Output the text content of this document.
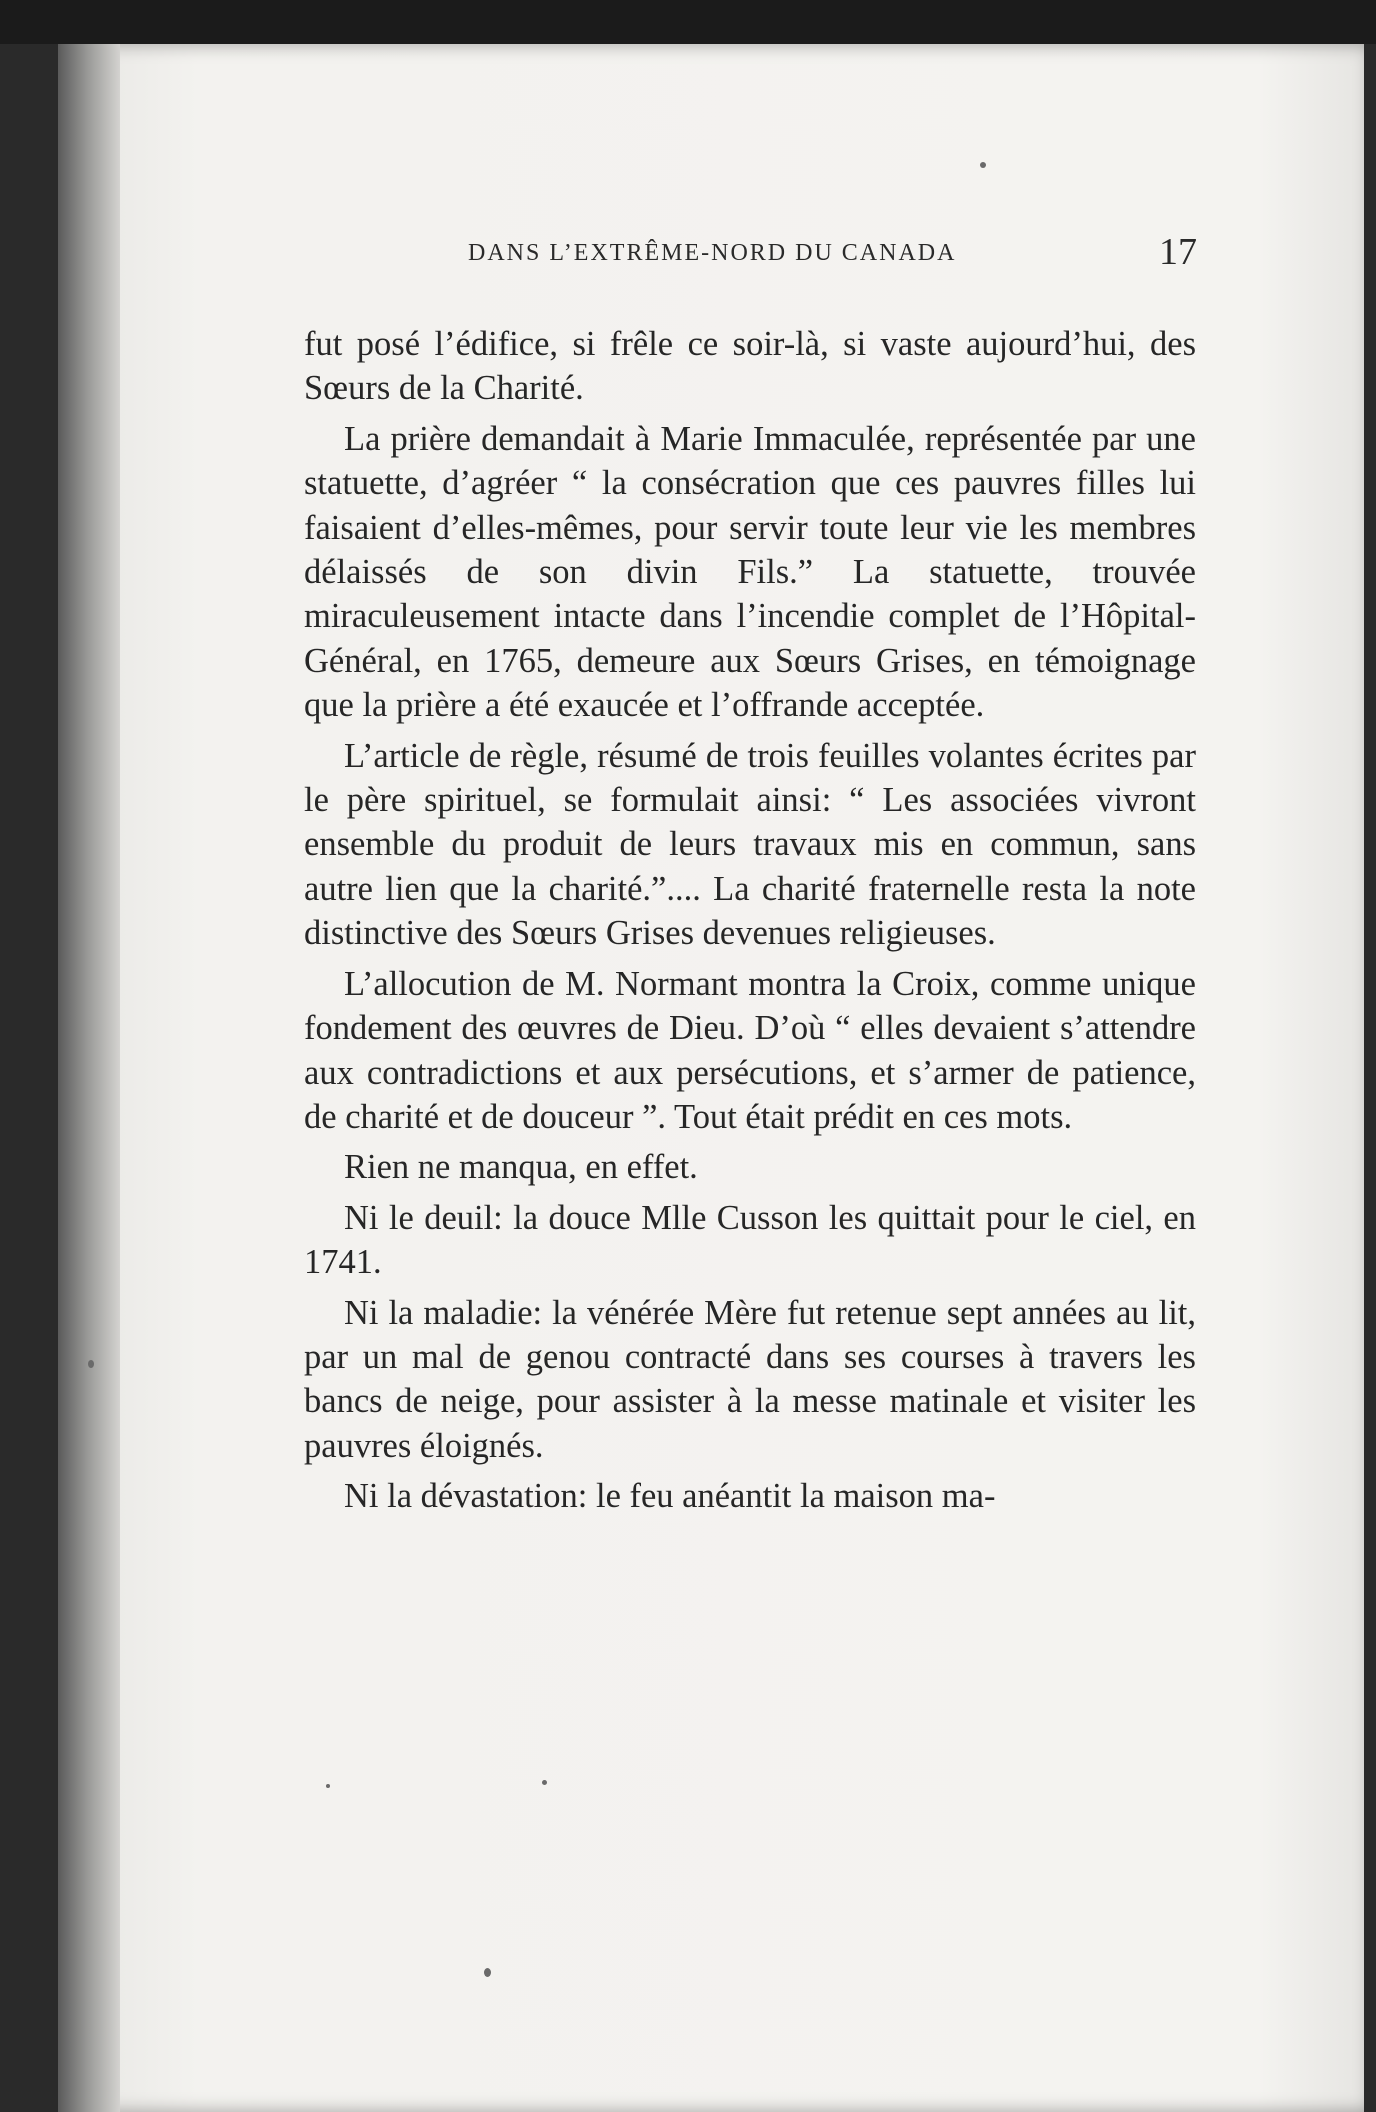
DANS L’EXTRÊME-NORD DU CANADA	17

fut posé l’édifice, si frêle ce soir-là, si vaste aujourd’hui, des Sœurs de la Charité.

La prière demandait à Marie Immaculée, représentée par une statuette, d’agréer “ la consécration que ces pauvres filles lui faisaient d’elles-mêmes, pour servir toute leur vie les membres délaissés de son divin Fils.” La statuette, trouvée miraculeusement intacte dans l’incendie complet de l’Hôpital-Général, en 1765, demeure aux Sœurs Grises, en témoignage que la prière a été exaucée et l’offrande acceptée.

L’article de règle, résumé de trois feuilles volantes écrites par le père spirituel, se formulait ainsi: “ Les associées vivront ensemble du produit de leurs travaux mis en commun, sans autre lien que la charité.”.... La charité fraternelle resta la note distinctive des Sœurs Grises devenues religieuses.

L’allocution de M. Normant montra la Croix, comme unique fondement des œuvres de Dieu. D’où “ elles devaient s’attendre aux contradictions et aux persécutions, et s’armer de patience, de charité et de douceur ”. Tout était prédit en ces mots.

Rien ne manqua, en effet.

Ni le deuil: la douce Mlle Cusson les quittait pour le ciel, en 1741.

Ni la maladie: la vénérée Mère fut retenue sept années au lit, par un mal de genou contracté dans ses courses à travers les bancs de neige, pour assister à la messe matinale et visiter les pauvres éloignés.

Ni la dévastation: le feu anéantit la maison ma-
